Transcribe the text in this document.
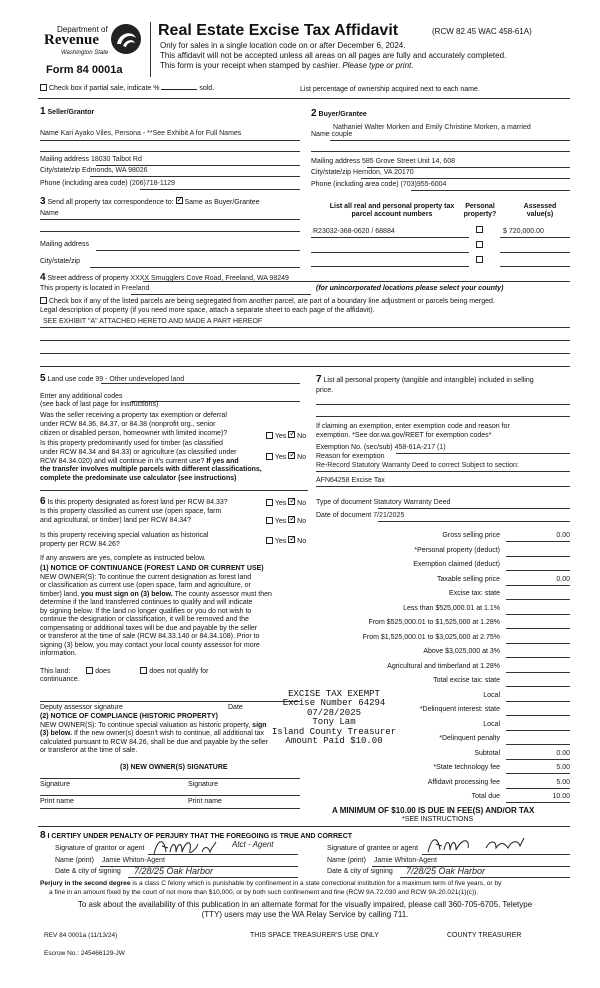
Department of
Revenue
Washington State
Form 84 0001a
Real Estate Excise Tax Affidavit	(RCW 82.45 WAC 458-61A)
Only for sales in a single location code on or after December 6, 2024.
This affidavit will not be accepted unless all areas on all pages are fully and accurately completed.
This form is your receipt when stamped by cashier. Please type or print.
Check box if partial sale, indicate %	sold.	List percentage of ownership acquired next to each name.
1 Seller/Grantor
Name Kari Ayako Viles, Persona - **See Exhibit A for Full Names
Mailing address 18030 Talbot Rd
City/state/zip Edmonds, WA 98026
Phone (including area code) (206)718-1129
2 Buyer/Grantee
Nathaniel Walter Morken and Emily Christine Morken, a married
Name couple
Mailing address 585 Grove Street Unit 14, 608
City/state/zip Herndon, VA 20170
Phone (including area code) (703)955-6004
3 Send all property tax correspondence to: ✓ Same as Buyer/Grantee
Name
Mailing address
City/state/zip
List all real and personal property tax
parcel account numbers
Personal
property?
Assessed
value(s)
R23032-368-0620 / 68884	$ 720,000.00
4 Street address of property XXXX Smugglers Cove Road, Freeland, WA 98249
This property is located in Freeland	(for unincorporated locations please select your county)
Check box if any of the listed parcels are being segregated from another parcel, are part of a boundary line adjustment or parcels being merged.
Legal description of property (if you need more space, attach a separate sheet to each page of the affidavit).
SEE EXHIBIT "A" ATTACHED HERETO AND MADE A PART HEREOF
5 Land use code 99 - Other undeveloped land
Enter any additional codes
(see back of last page for instructions)
Was the seller receiving a property tax exemption or deferral
under RCW 84.36, 84.37, or 84.38 (nonprofit org., senior
citizen or disabled person, homeowner with limited income)?	Yes ✓ No
Is this property predominantly used for timber (as classified
under RCW 84.34 and 84.33) or agriculture (as classified under
RCW 84.34.020) and will continue in it's current use? If yes and
the transfer involves multiple parcels with different classifications,
complete the predominate use calculator (see instructions)
Yes ✓ No
6 Is this property designated as forest land per RCW 84.33?	Yes ✓ No
Is this property classified as current use (open space, farm
and agricultural, or timber) land per RCW 84.34?	Yes ✓ No
Is this property receiving special valuation as historical
property per RCW 84.26?	Yes ✓ No
If any answers are yes, complete as instructed below.
(1) NOTICE OF CONTINUANCE (FOREST LAND OR CURRENT USE)
NEW OWNER(S): To continue the current designation as forest land
or classification as current use (open space, farm and agriculture, or
timber) land, you must sign on (3) below. The county assessor must then
determine if the land transferred continues to qualify and will indicate
by signing below. If the land no longer qualifies or you do not wish to
continue the designation or classification, it will be removed and the
compensating or additional taxes will be due and payable by the seller
or transferor at the time of sale (RCW 84.33.140 or 84.34.108). Prior to
signing (3) below, you may contact your local county assessor for more
information.
This land:	does	does not qualify for
continuance.
Deputy assessor signature	Date
(2) NOTICE OF COMPLIANCE (HISTORIC PROPERTY)
NEW OWNER(S): To continue special valuation as historic property, sign
(3) below. If the new owner(s) doesn't wish to continue, all additional tax
calculated pursuant to RCW 84.26, shall be due and payable by the seller
or transferor at the time of sale.
(3) NEW OWNER(S) SIGNATURE
Signature	Signature
Print name	Print name
7 List all personal property (tangible and intangible) included in selling
price.
If claiming an exemption, enter exemption code and reason for
exemption. *See dor.wa.gov/REET for exemption codes*
Exemption No. (sec/sub) 458-61A-217 (1)
Reason for exemption
Re-Record Statutory Warranty Deed to correct Subject to section:
AFN64258 Excise Tax
Type of document Statutory Warranty Deed
Date of document 7/21/2025
Gross selling price	0.00
*Personal property (deduct)
Exemption claimed (deduct)
Taxable selling price	0.00
Excise tax: state
Less than $525,000.01 at 1.1%
From $525,000.01 to $1,525,000 at 1.28%
From $1,525,000.01 to $3,025,000 at 2.75%
Above $3,025,000 at 3%
Agricultural and timberland at 1.28%
Total excise tax: state
Local
*Delinquent interest: state
Local
*Delinquent penalty
Subtotal	0.00
*State technology fee	5.00
Affidavit processing fee	5.00
Total due	10.00
EXCISE TAX EXEMPT
Excise Number 64294
07/28/2025
Tony Lam
Island County Treasurer
Amount Paid $10.00
A MINIMUM OF $10.00 IS DUE IN FEE(S) AND/OR TAX
*SEE INSTRUCTIONS
8 I CERTIFY UNDER PENALTY OF PERJURY THAT THE FOREGOING IS TRUE AND CORRECT
Signature of grantor or agent	Atct - Agent
Name (print) Jamie Whiton-Agent
Date & city of signing 7/28/25 Oak Harbor
Signature of grantee or agent
Name (print) Jamie Whiton-Agent
Date & city of signing 7/28/25 Oak Harbor
Perjury in the second degree is a class C felony which is punishable by confinement in a state correctional institution for a maximum term of five years, or by
a fine in an amount fixed by the court of not more than $10,000, or by both such confinement and fine (RCW 9A.72.030 and RCW 9A.20.021(1)(c)).
To ask about the availability of this publication in an alternate format for the visually impaired, please call 360-705-6705. Teletype
(TTY) users may use the WA Relay Service by calling 711.
REV 84 0001a (11/13/24)	THIS SPACE TREASURER'S USE ONLY	COUNTY TREASURER
Escrow No.: 245466129-JW
